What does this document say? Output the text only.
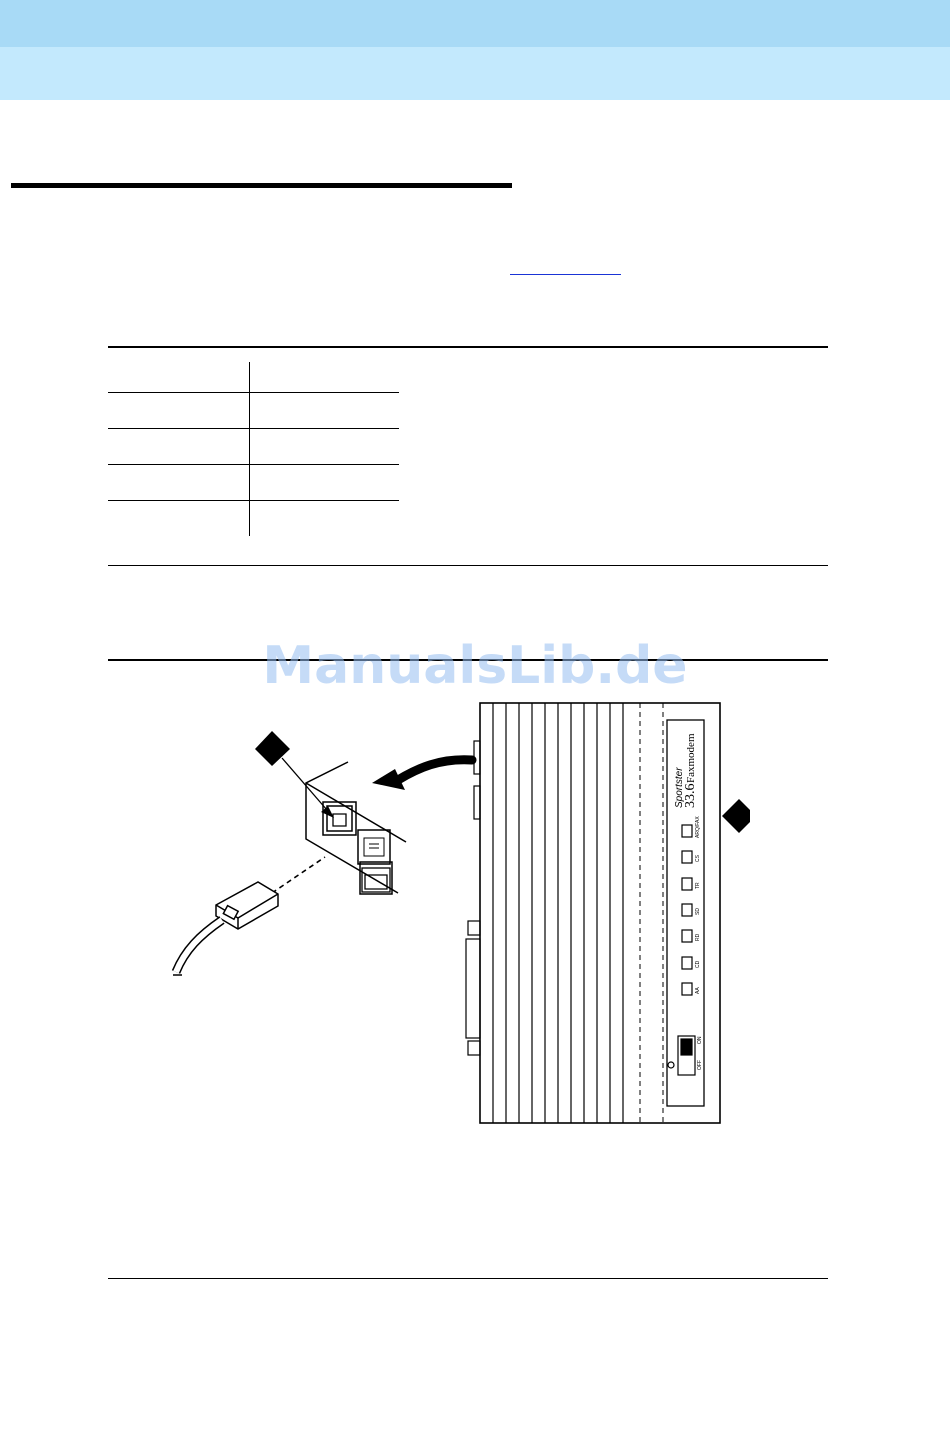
ManualsLib.de
ARQ/FAX
CS
TR
SD
RD
CD
AA
ON
OFF
Sportster
33.6
Faxmodem
